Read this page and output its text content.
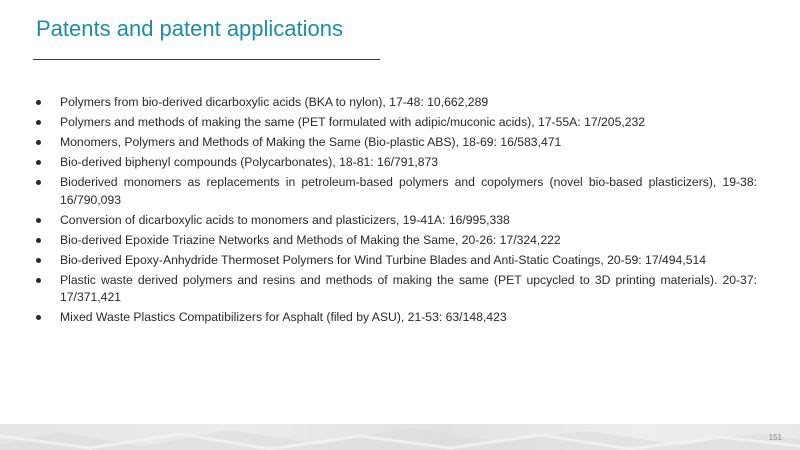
Patents and patent applications
Polymers from bio-derived dicarboxylic acids (BKA to nylon), 17-48: 10,662,289
Polymers and methods of making the same (PET formulated with adipic/muconic acids), 17-55A: 17/205,232
Monomers, Polymers and Methods of Making the Same (Bio-plastic ABS), 18-69: 16/583,471
Bio-derived biphenyl compounds (Polycarbonates), 18-81: 16/791,873
Bioderived monomers as replacements in petroleum-based polymers and copolymers (novel bio-based plasticizers), 19-38: 16/790,093
Conversion of dicarboxylic acids to monomers and plasticizers, 19-41A: 16/995,338
Bio-derived Epoxide Triazine Networks and Methods of Making the Same, 20-26: 17/324,222
Bio-derived Epoxy-Anhydride Thermoset Polymers for Wind Turbine Blades and Anti-Static Coatings, 20-59: 17/494,514
Plastic waste derived polymers and resins and methods of making the same (PET upcycled to 3D printing materials). 20-37: 17/371,421
Mixed Waste Plastics Compatibilizers for Asphalt (filed by ASU), 21-53: 63/148,423
151
